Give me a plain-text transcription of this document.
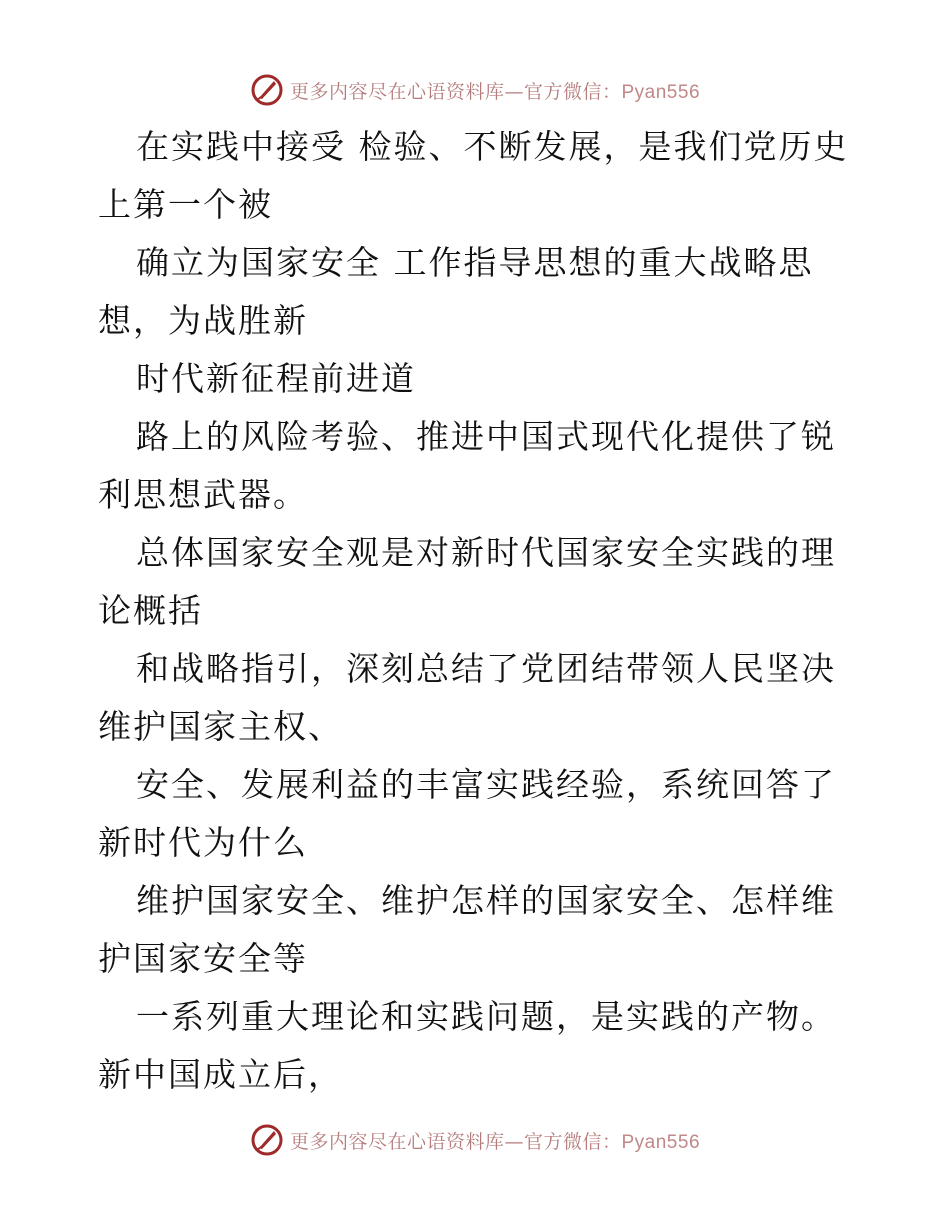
更多内容尽在心语资料库—官方微信：Pyan556

在实践中接受 检验、不断发展，是我们党历史上第一个被

确立为国家安全 工作指导思想的重大战略思想，为战胜新

时代新征程前进道

路上的风险考验、推进中国式现代化提供了锐利思想武器。

总体国家安全观是对新时代国家安全实践的理论概括

和战略指引，深刻总结了党团结带领人民坚决维护国家主权、

安全、发展利益的丰富实践经验，系统回答了新时代为什么

维护国家安全、维护怎样的国家安全、怎样维护国家安全等

一系列重大理论和实践问题，是实践的产物。新中国成立后，

更多内容尽在心语资料库—官方微信：Pyan556
